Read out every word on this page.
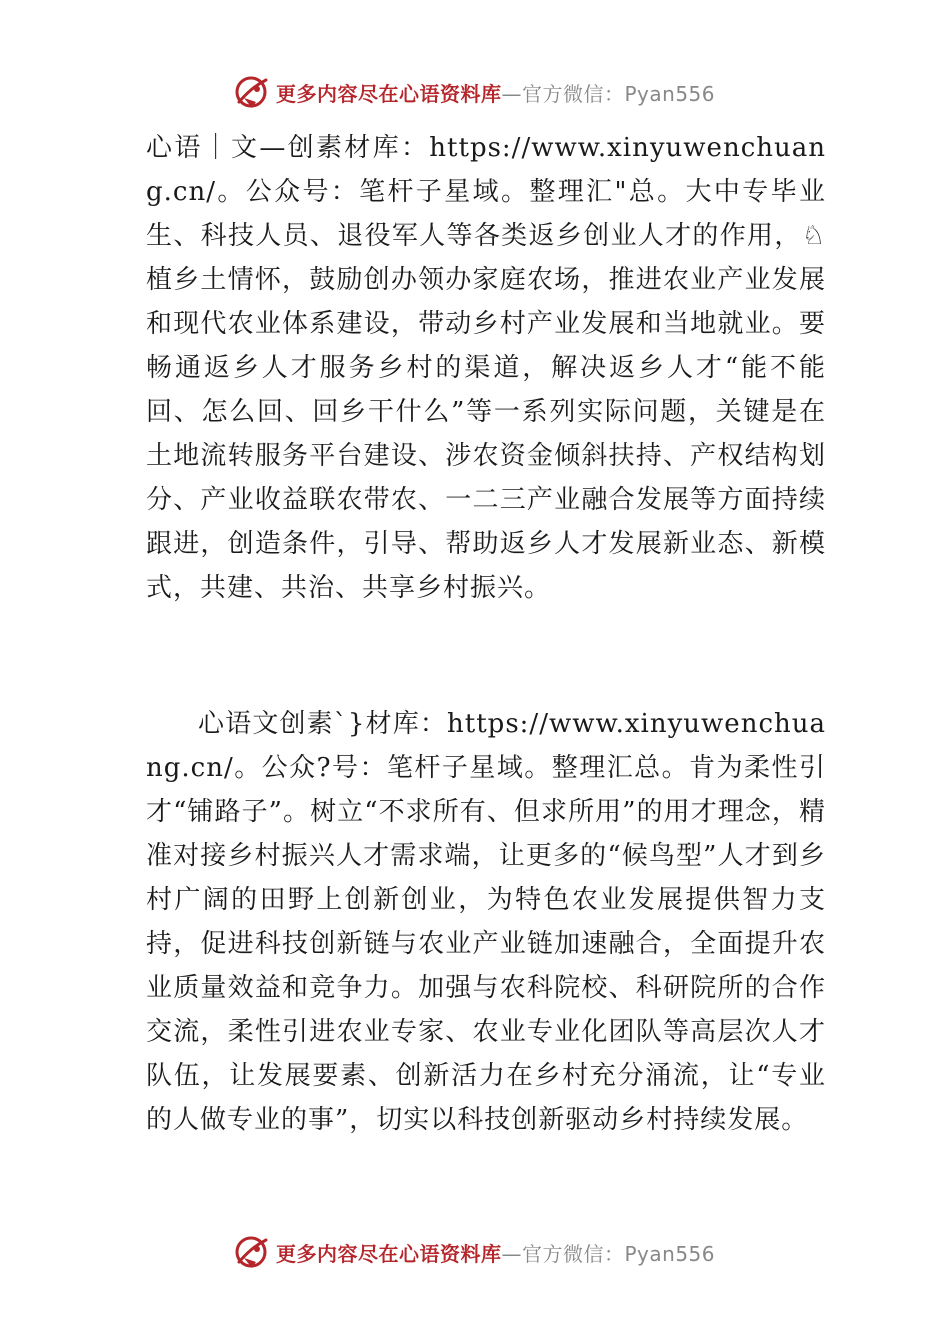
更多内容尽在心语资料库—官方微信：Pyan556

心语｜文—创素材库：https://www.xinyuwenchuang.cn/。公众号：笔杆子星域。整理汇"总。大中专毕业生、科技人员、退役军人等各类返乡创业人才的作用，♘植乡土情怀，鼓励创办领办家庭农场，推进农业产业发展和现代农业体系建设，带动乡村产业发展和当地就业。要畅通返乡人才服务乡村的渠道，解决返乡人才“能不能回、怎么回、回乡干什么”等一系列实际问题，关键是在土地流转服务平台建设、涉农资金倾斜扶持、产权结构划分、产业收益联农带农、一二三产业融合发展等方面持续跟进，创造条件，引导、帮助返乡人才发展新业态、新模式，共建、共治、共享乡村振兴。

心语文创素`}材库：https://www.xinyuwenchuang.cn/。公众?号：笔杆子星域。整理汇总。肯为柔性引才“铺路子”。树立“不求所有、但求所用”的用才理念，精准对接乡村振兴人才需求端，让更多的“候鸟型”人才到乡村广阔的田野上创新创业，为特色农业发展提供智力支持，促进科技创新链与农业产业链加速融合，全面提升农业质量效益和竞争力。加强与农科院校、科研院所的合作交流，柔性引进农业专家、农业专业化团队等高层次人才队伍，让发展要素、创新活力在乡村充分涌流，让“专业的人做专业的事”，切实以科技创新驱动乡村持续发展。

更多内容尽在心语资料库—官方微信：Pyan556
